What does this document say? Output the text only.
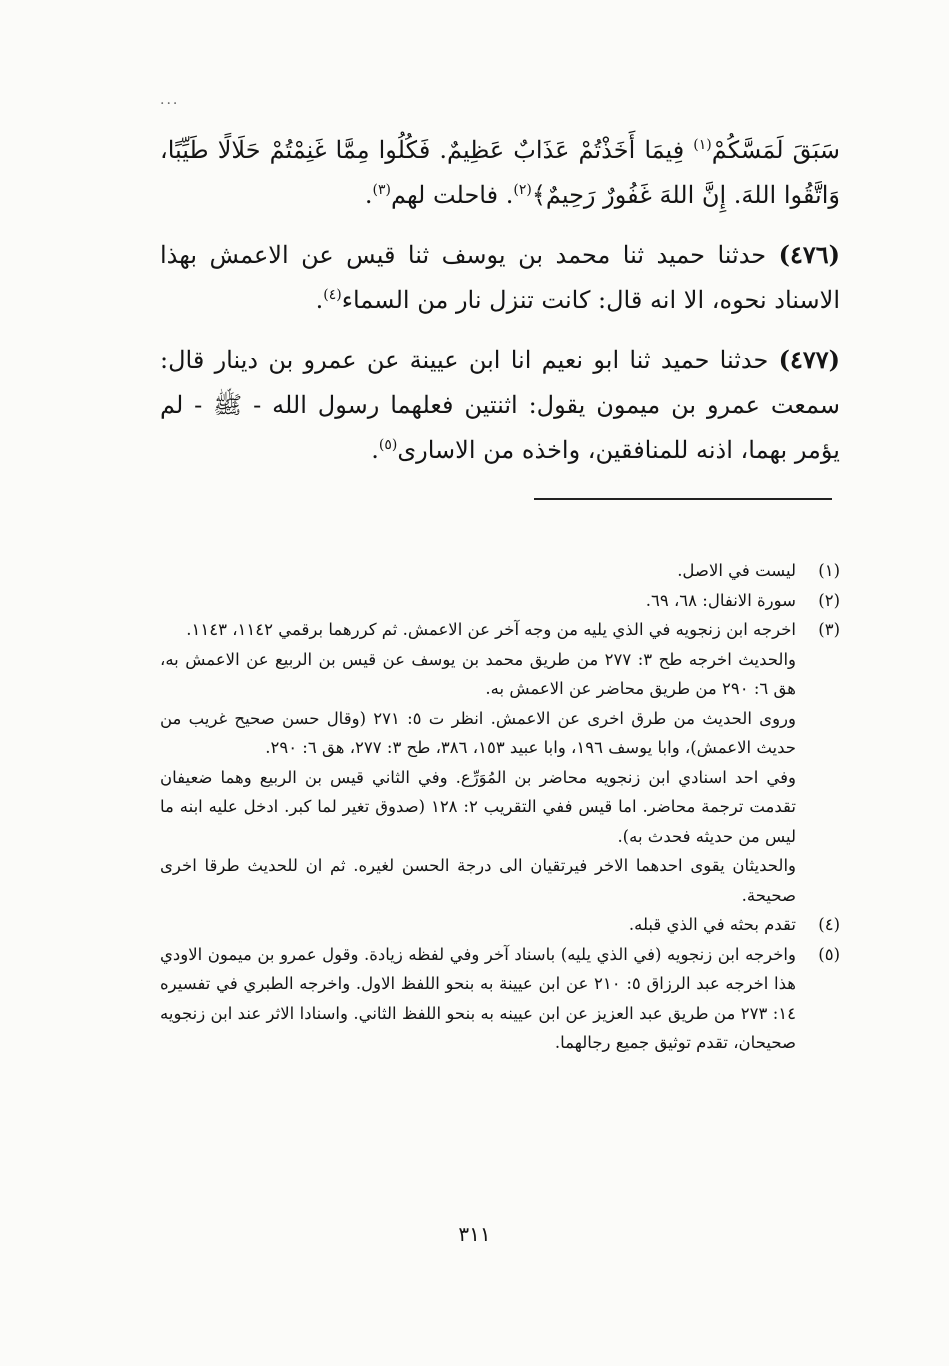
...

سَبَقَ لَمَسَّكُمْ$^{(١)}$ فِيمَا أَخَذْتُمْ عَذَابٌ عَظِيمٌ. فَكُلُوا مِمَّا غَنِمْتُمْ حَلَالًا طَيِّبًا، وَاتَّقُوا اللهَ. إِنَّ اللهَ غَفُورٌ رَحِيمٌ﴾$^{(٢)}$. فاحلت لهم$^{(٣)}$.

(٤٧٦) حدثنا حميد ثنا محمد بن يوسف ثنا قيس عن الاعمش بهذا الاسناد نحوه، الا انه قال: كانت تنزل نار من السماء$^{(٤)}$.

(٤٧٧) حدثنا حميد ثنا ابو نعيم انا ابن عيينة عن عمرو بن دينار قال: سمعت عمرو بن ميمون يقول: اثنتين فعلهما رسول الله - ﷺ - لم يؤمر بهما، اذنه للمنافقين، واخذه من الاسارى$^{(٥)}$.

(١)
ليست في الاصل.
(٢)
سورة الانفال: ٦٨، ٦٩.
(٣)
اخرجه ابن زنجويه في الذي يليه من وجه آخر عن الاعمش. ثم كررهما برقمي ١١٤٢، ١١٤٣.
والحديث اخرجه طح ٣: ٢٧٧ من طريق محمد بن يوسف عن قيس بن الربيع عن الاعمش به، هق ٦: ٢٩٠ من طريق محاضر عن الاعمش به.
وروى الحديث من طرق اخرى عن الاعمش. انظر ت ٥: ٢٧١ (وقال حسن صحيح غريب من حديث الاعمش)، وابا يوسف ١٩٦، وابا عبيد ١٥٣، ٣٨٦، طح ٣: ٢٧٧، هق ٦: ٢٩٠.
وفي احد اسنادي ابن زنجويه محاضر بن المُوَرِّع. وفي الثاني قيس بن الربيع وهما ضعيفان تقدمت ترجمة محاضر. اما قيس ففي التقريب ٢: ١٢٨ (صدوق تغير لما كبر. ادخل عليه ابنه ما ليس من حديثه فحدث به).
والحديثان يقوى احدهما الاخر فيرتقيان الى درجة الحسن لغيره. ثم ان للحديث طرقا اخرى صحيحة.
(٤)
تقدم بحثه في الذي قبله.
(٥)
واخرجه ابن زنجويه (في الذي يليه) باسناد آخر وفي لفظه زيادة. وقول عمرو بن ميمون الاودي هذا اخرجه عبد الرزاق ٥: ٢١٠ عن ابن عيينة به بنحو اللفظ الاول. واخرجه الطبري في تفسيره ١٤: ٢٧٣ من طريق عبد العزيز عن ابن عيينه به بنحو اللفظ الثاني. واسنادا الاثر عند ابن زنجويه صحيحان، تقدم توثيق جميع رجالهما.
٣١١
